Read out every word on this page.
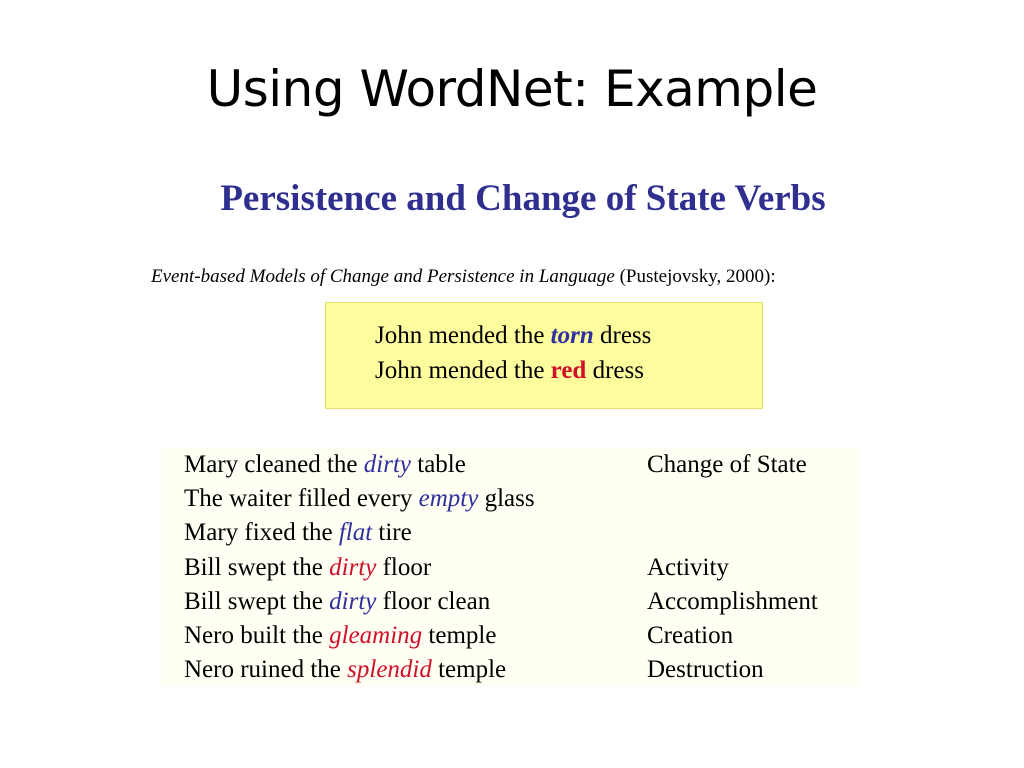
Using WordNet: Example
Persistence and Change of State Verbs

Event-based Models of Change and Persistence in Language (Pustejovsky, 2000):

John mended the torn dress

John mended the red dress

Mary cleaned the dirty table	Change of State
The waiter filled every empty glass
Mary fixed the flat tire
Bill swept the dirty floor	Activity
Bill swept the dirty floor clean	Accomplishment
Nero built the gleaming temple	Creation
Nero ruined the splendid temple	Destruction
